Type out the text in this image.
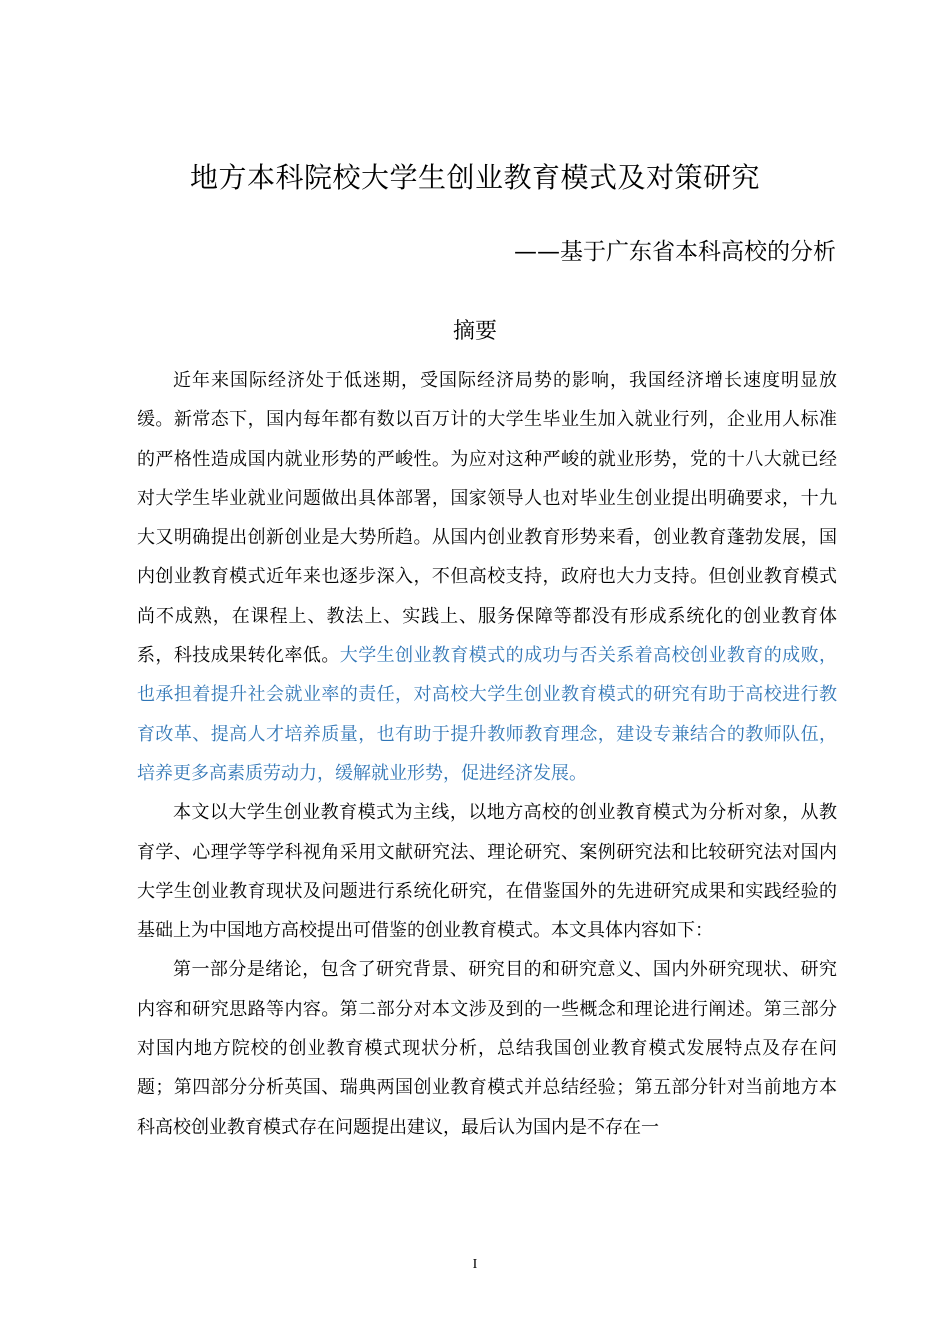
地方本科院校大学生创业教育模式及对策研究
——基于广东省本科高校的分析
摘要

近年来国际经济处于低迷期，受国际经济局势的影响，我国经济增长速度明显放缓。新常态下，国内每年都有数以百万计的大学生毕业生加入就业行列，企业用人标准的严格性造成国内就业形势的严峻性。为应对这种严峻的就业形势，党的十八大就已经对大学生毕业就业问题做出具体部署，国家领导人也对毕业生创业提出明确要求，十九大又明确提出创新创业是大势所趋。从国内创业教育形势来看，创业教育蓬勃发展，国内创业教育模式近年来也逐步深入，不但高校支持，政府也大力支持。但创业教育模式尚不成熟，在课程上、教法上、实践上、服务保障等都没有形成系统化的创业教育体系，科技成果转化率低。大学生创业教育模式的成功与否关系着高校创业教育的成败，也承担着提升社会就业率的责任，对高校大学生创业教育模式的研究有助于高校进行教育改革、提高人才培养质量，也有助于提升教师教育理念，建设专兼结合的教师队伍，培养更多高素质劳动力，缓解就业形势，促进经济发展。

本文以大学生创业教育模式为主线，以地方高校的创业教育模式为分析对象，从教育学、心理学等学科视角采用文献研究法、理论研究、案例研究法和比较研究法对国内大学生创业教育现状及问题进行系统化研究，在借鉴国外的先进研究成果和实践经验的基础上为中国地方高校提出可借鉴的创业教育模式。本文具体内容如下：

第一部分是绪论，包含了研究背景、研究目的和研究意义、国内外研究现状、研究内容和研究思路等内容。第二部分对本文涉及到的一些概念和理论进行阐述。第三部分对国内地方院校的创业教育模式现状分析，总结我国创业教育模式发展特点及存在问题；第四部分分析英国、瑞典两国创业教育模式并总结经验；第五部分针对当前地方本科高校创业教育模式存在问题提出建议，最后认为国内是不存在一

I
